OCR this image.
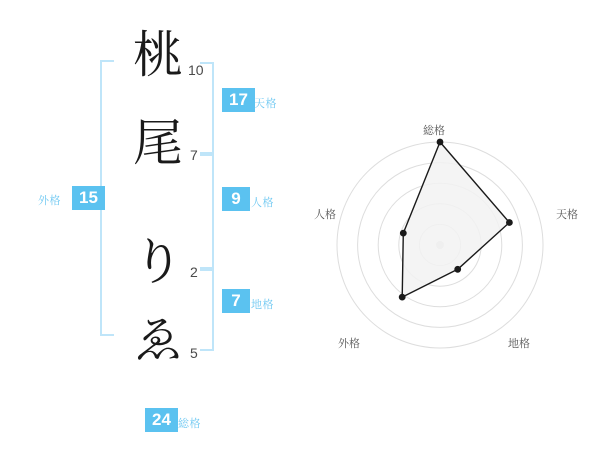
15
外格
桃 10
尾 7
り 2
ゑ 5
17 天格
9 人格
7 地格
24 総格
総格
天格
地格
外格
人格
